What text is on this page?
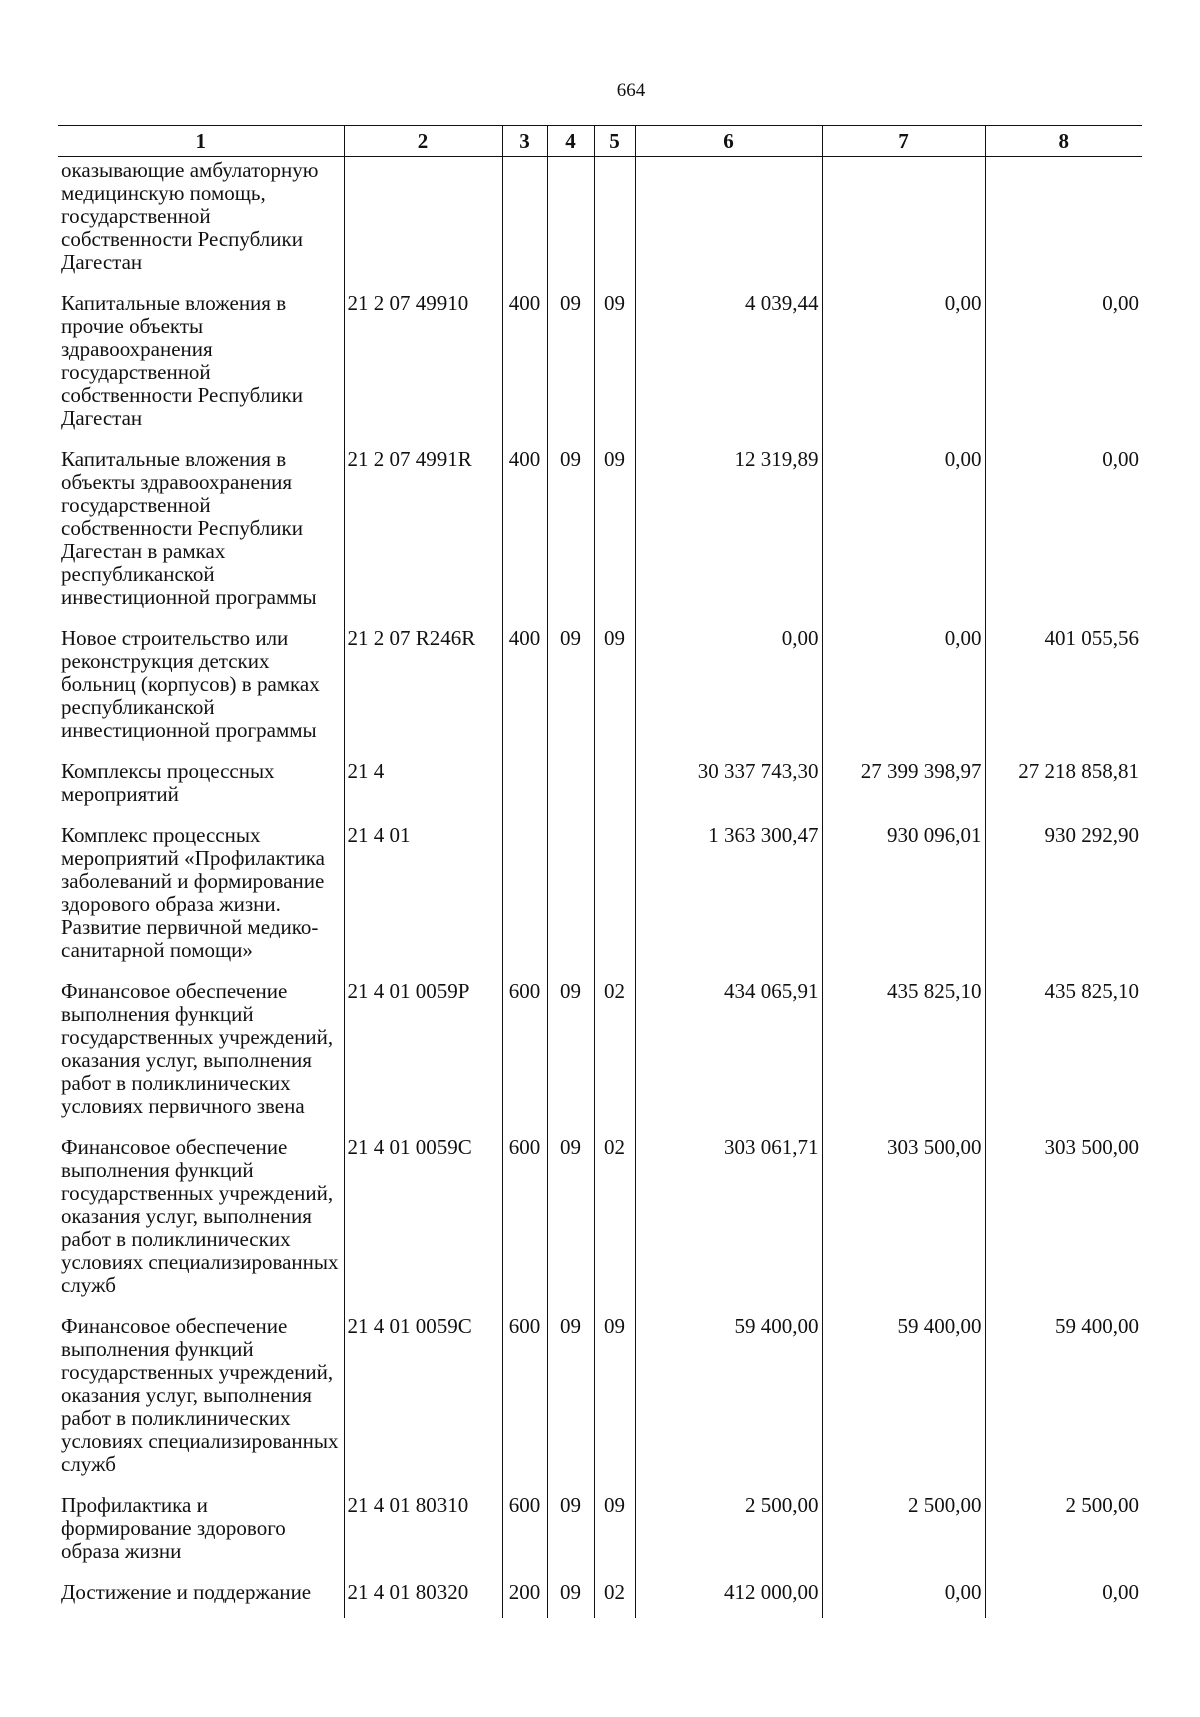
664
1	2	3	4	5	6	7	8
оказывающие амбулаторную медицинскую помощь, государственной собственности Республики Дагестан							
Капитальные вложения в прочие объекты здравоохранения государственной собственности Республики Дагестан	21 2 07 49910	400	09	09	4 039,44	0,00	0,00
Капитальные вложения в объекты здравоохранения государственной собственности Республики Дагестан в рамках республиканской инвестиционной программы	21 2 07 4991R	400	09	09	12 319,89	0,00	0,00
Новое строительство или реконструкция детских больниц (корпусов) в рамках республиканской инвестиционной программы	21 2 07 R246R	400	09	09	0,00	0,00	401 055,56
Комплексы процессных мероприятий	21 4				30 337 743,30	27 399 398,97	27 218 858,81
Комплекс процессных мероприятий «Профилактика заболеваний и формирование здорового образа жизни. Развитие первичной медико-санитарной помощи»	21 4 01				1 363 300,47	930 096,01	930 292,90
Финансовое обеспечение выполнения функций государственных учреждений, оказания услуг, выполнения работ в поликлинических условиях первичного звена	21 4 01 0059P	600	09	02	434 065,91	435 825,10	435 825,10
Финансовое обеспечение выполнения функций государственных учреждений, оказания услуг, выполнения работ в поликлинических условиях специализированных служб	21 4 01 0059C	600	09	02	303 061,71	303 500,00	303 500,00
Финансовое обеспечение выполнения функций государственных учреждений, оказания услуг, выполнения работ в поликлинических условиях специализированных служб	21 4 01 0059C	600	09	09	59 400,00	59 400,00	59 400,00
Профилактика и формирование здорового образа жизни	21 4 01 80310	600	09	09	2 500,00	2 500,00	2 500,00
Достижение и поддержание	21 4 01 80320	200	09	02	412 000,00	0,00	0,00
